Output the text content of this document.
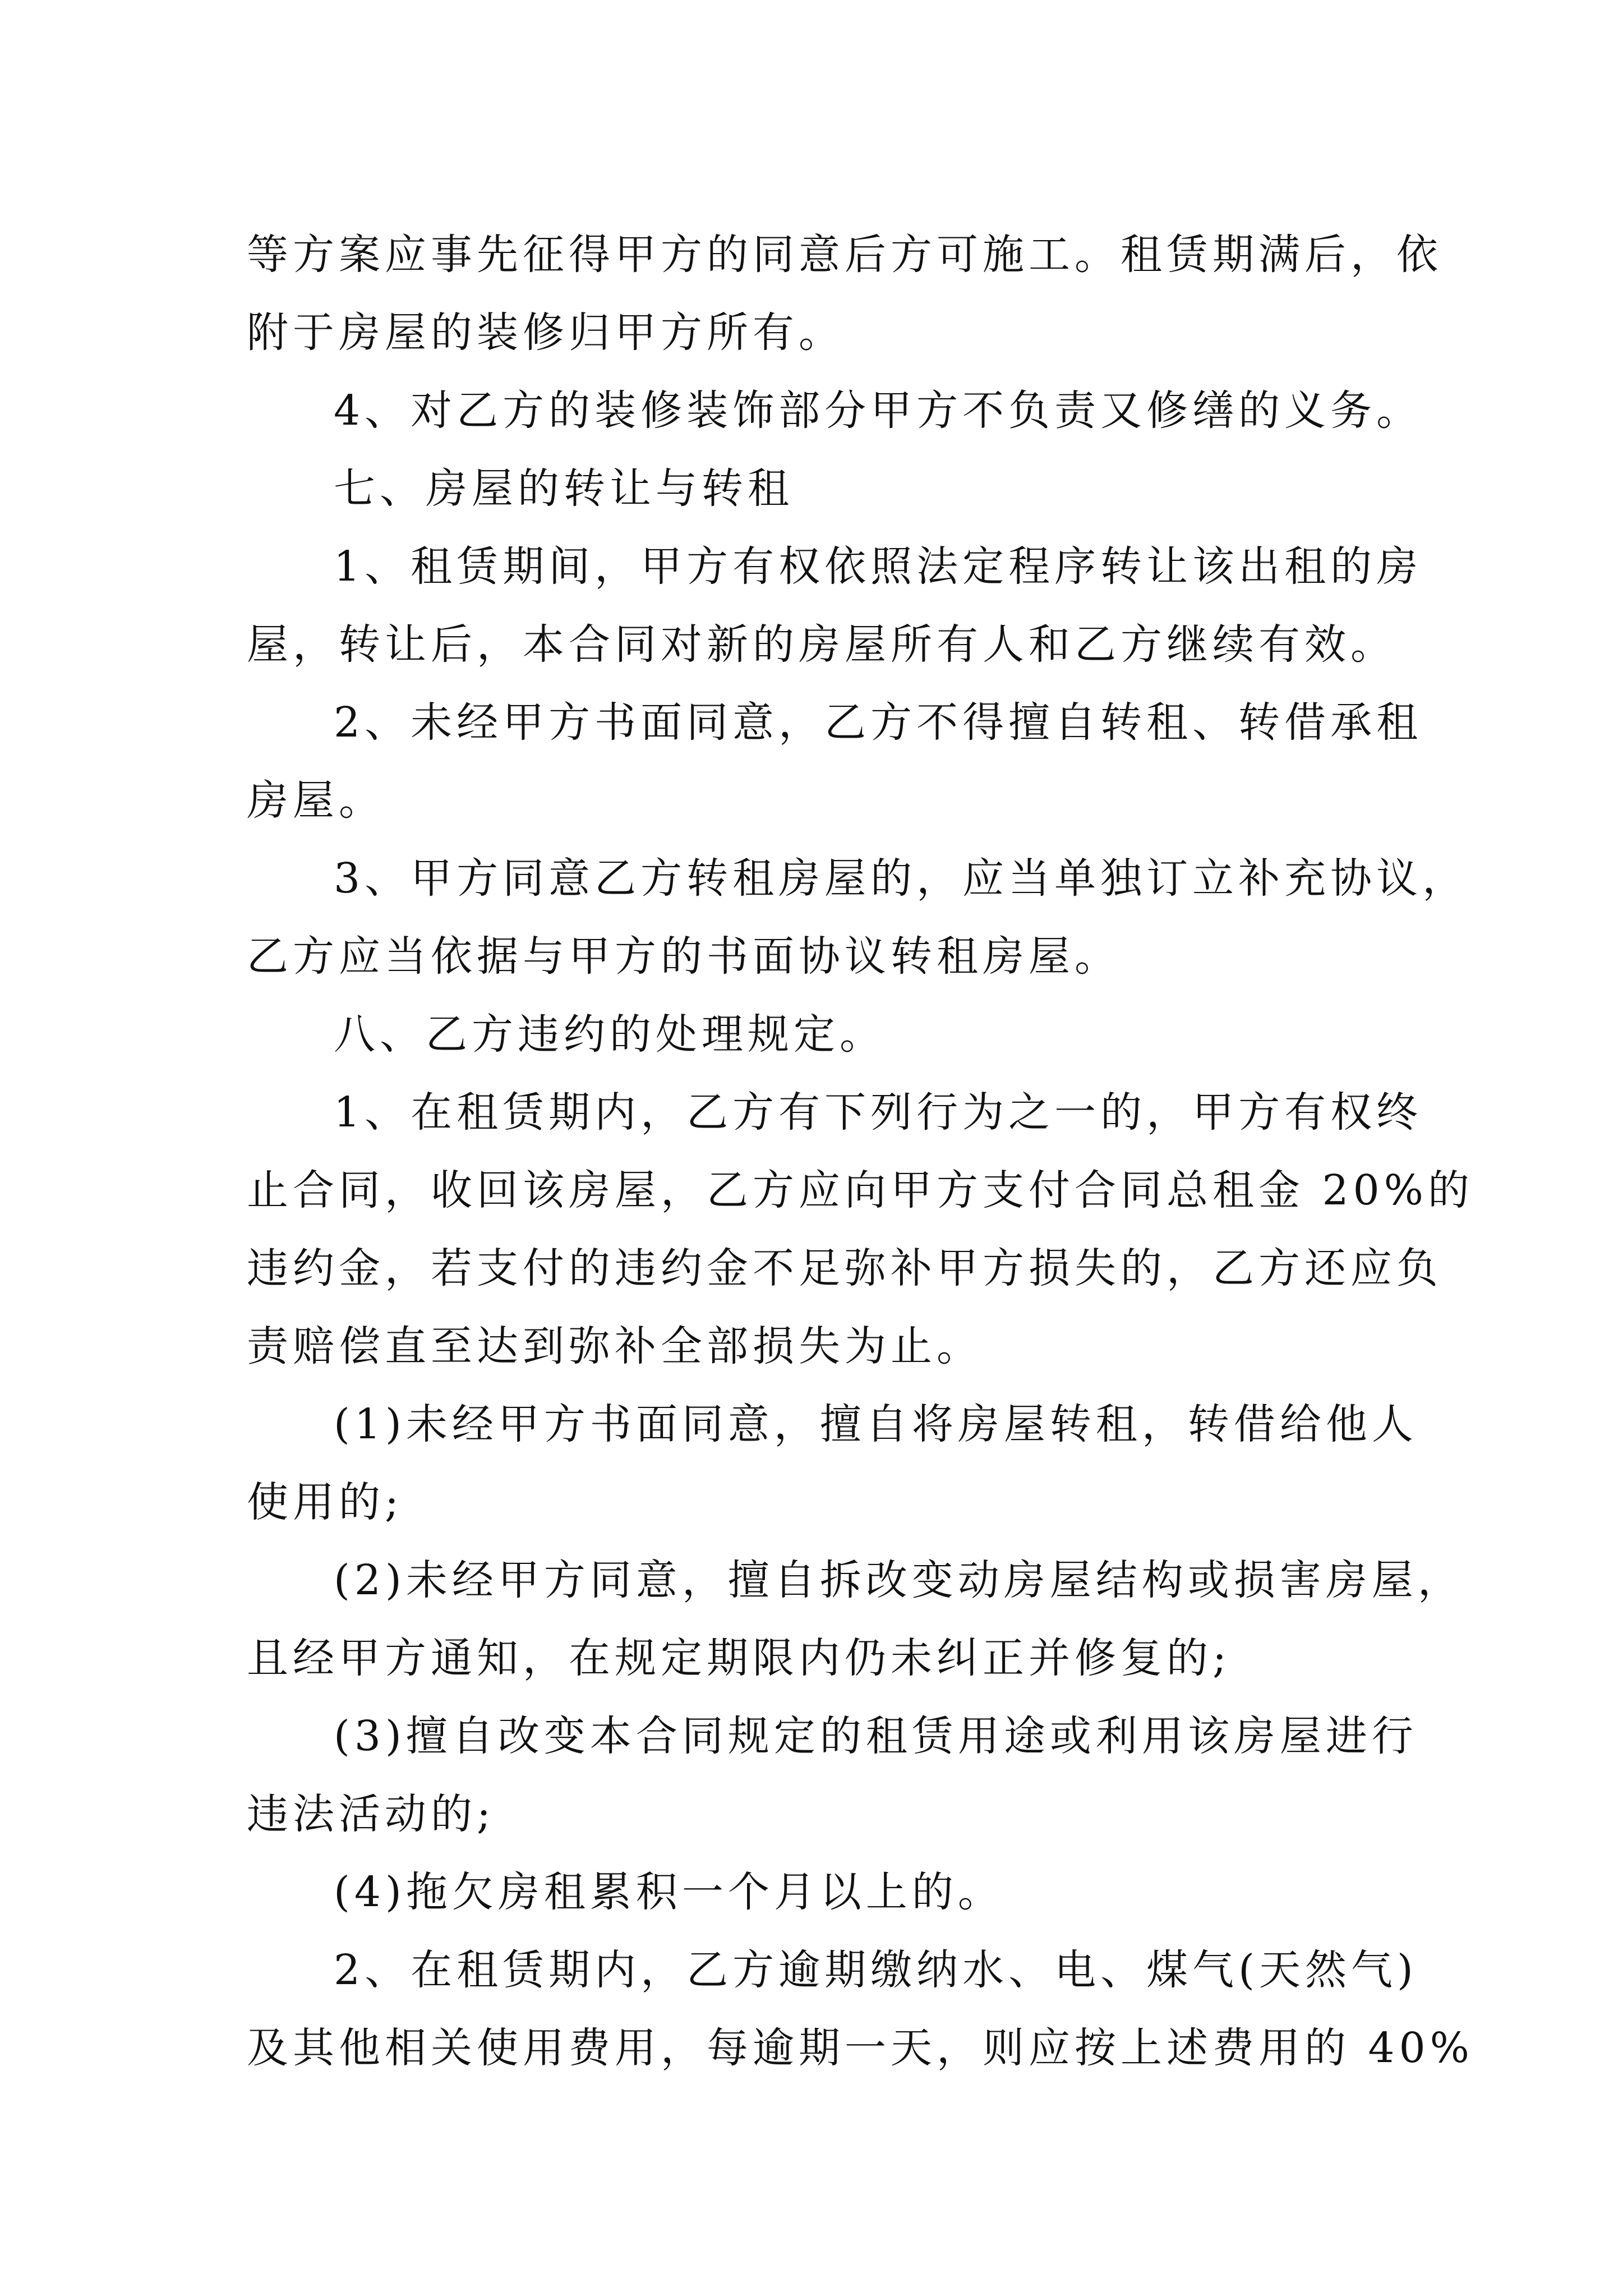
等方案应事先征得甲方的同意后方可施工。租赁期满后，依
附于房屋的装修归甲方所有。
4、对乙方的装修装饰部分甲方不负责又修缮的义务。
七、房屋的转让与转租
1、租赁期间，甲方有权依照法定程序转让该出租的房
屋，转让后，本合同对新的房屋所有人和乙方继续有效。
2、未经甲方书面同意，乙方不得擅自转租、转借承租
房屋。
3、甲方同意乙方转租房屋的，应当单独订立补充协议，
乙方应当依据与甲方的书面协议转租房屋。
八、乙方违约的处理规定。
1、在租赁期内，乙方有下列行为之一的，甲方有权终
止合同，收回该房屋，乙方应向甲方支付合同总租金 20%的
违约金，若支付的违约金不足弥补甲方损失的，乙方还应负
责赔偿直至达到弥补全部损失为止。
(1)未经甲方书面同意，擅自将房屋转租，转借给他人
使用的;
(2)未经甲方同意，擅自拆改变动房屋结构或损害房屋，
且经甲方通知，在规定期限内仍未纠正并修复的;
(3)擅自改变本合同规定的租赁用途或利用该房屋进行
违法活动的;
(4)拖欠房租累积一个月以上的。
2、在租赁期内，乙方逾期缴纳水、电、煤气(天然气)
及其他相关使用费用，每逾期一天，则应按上述费用的 40%
